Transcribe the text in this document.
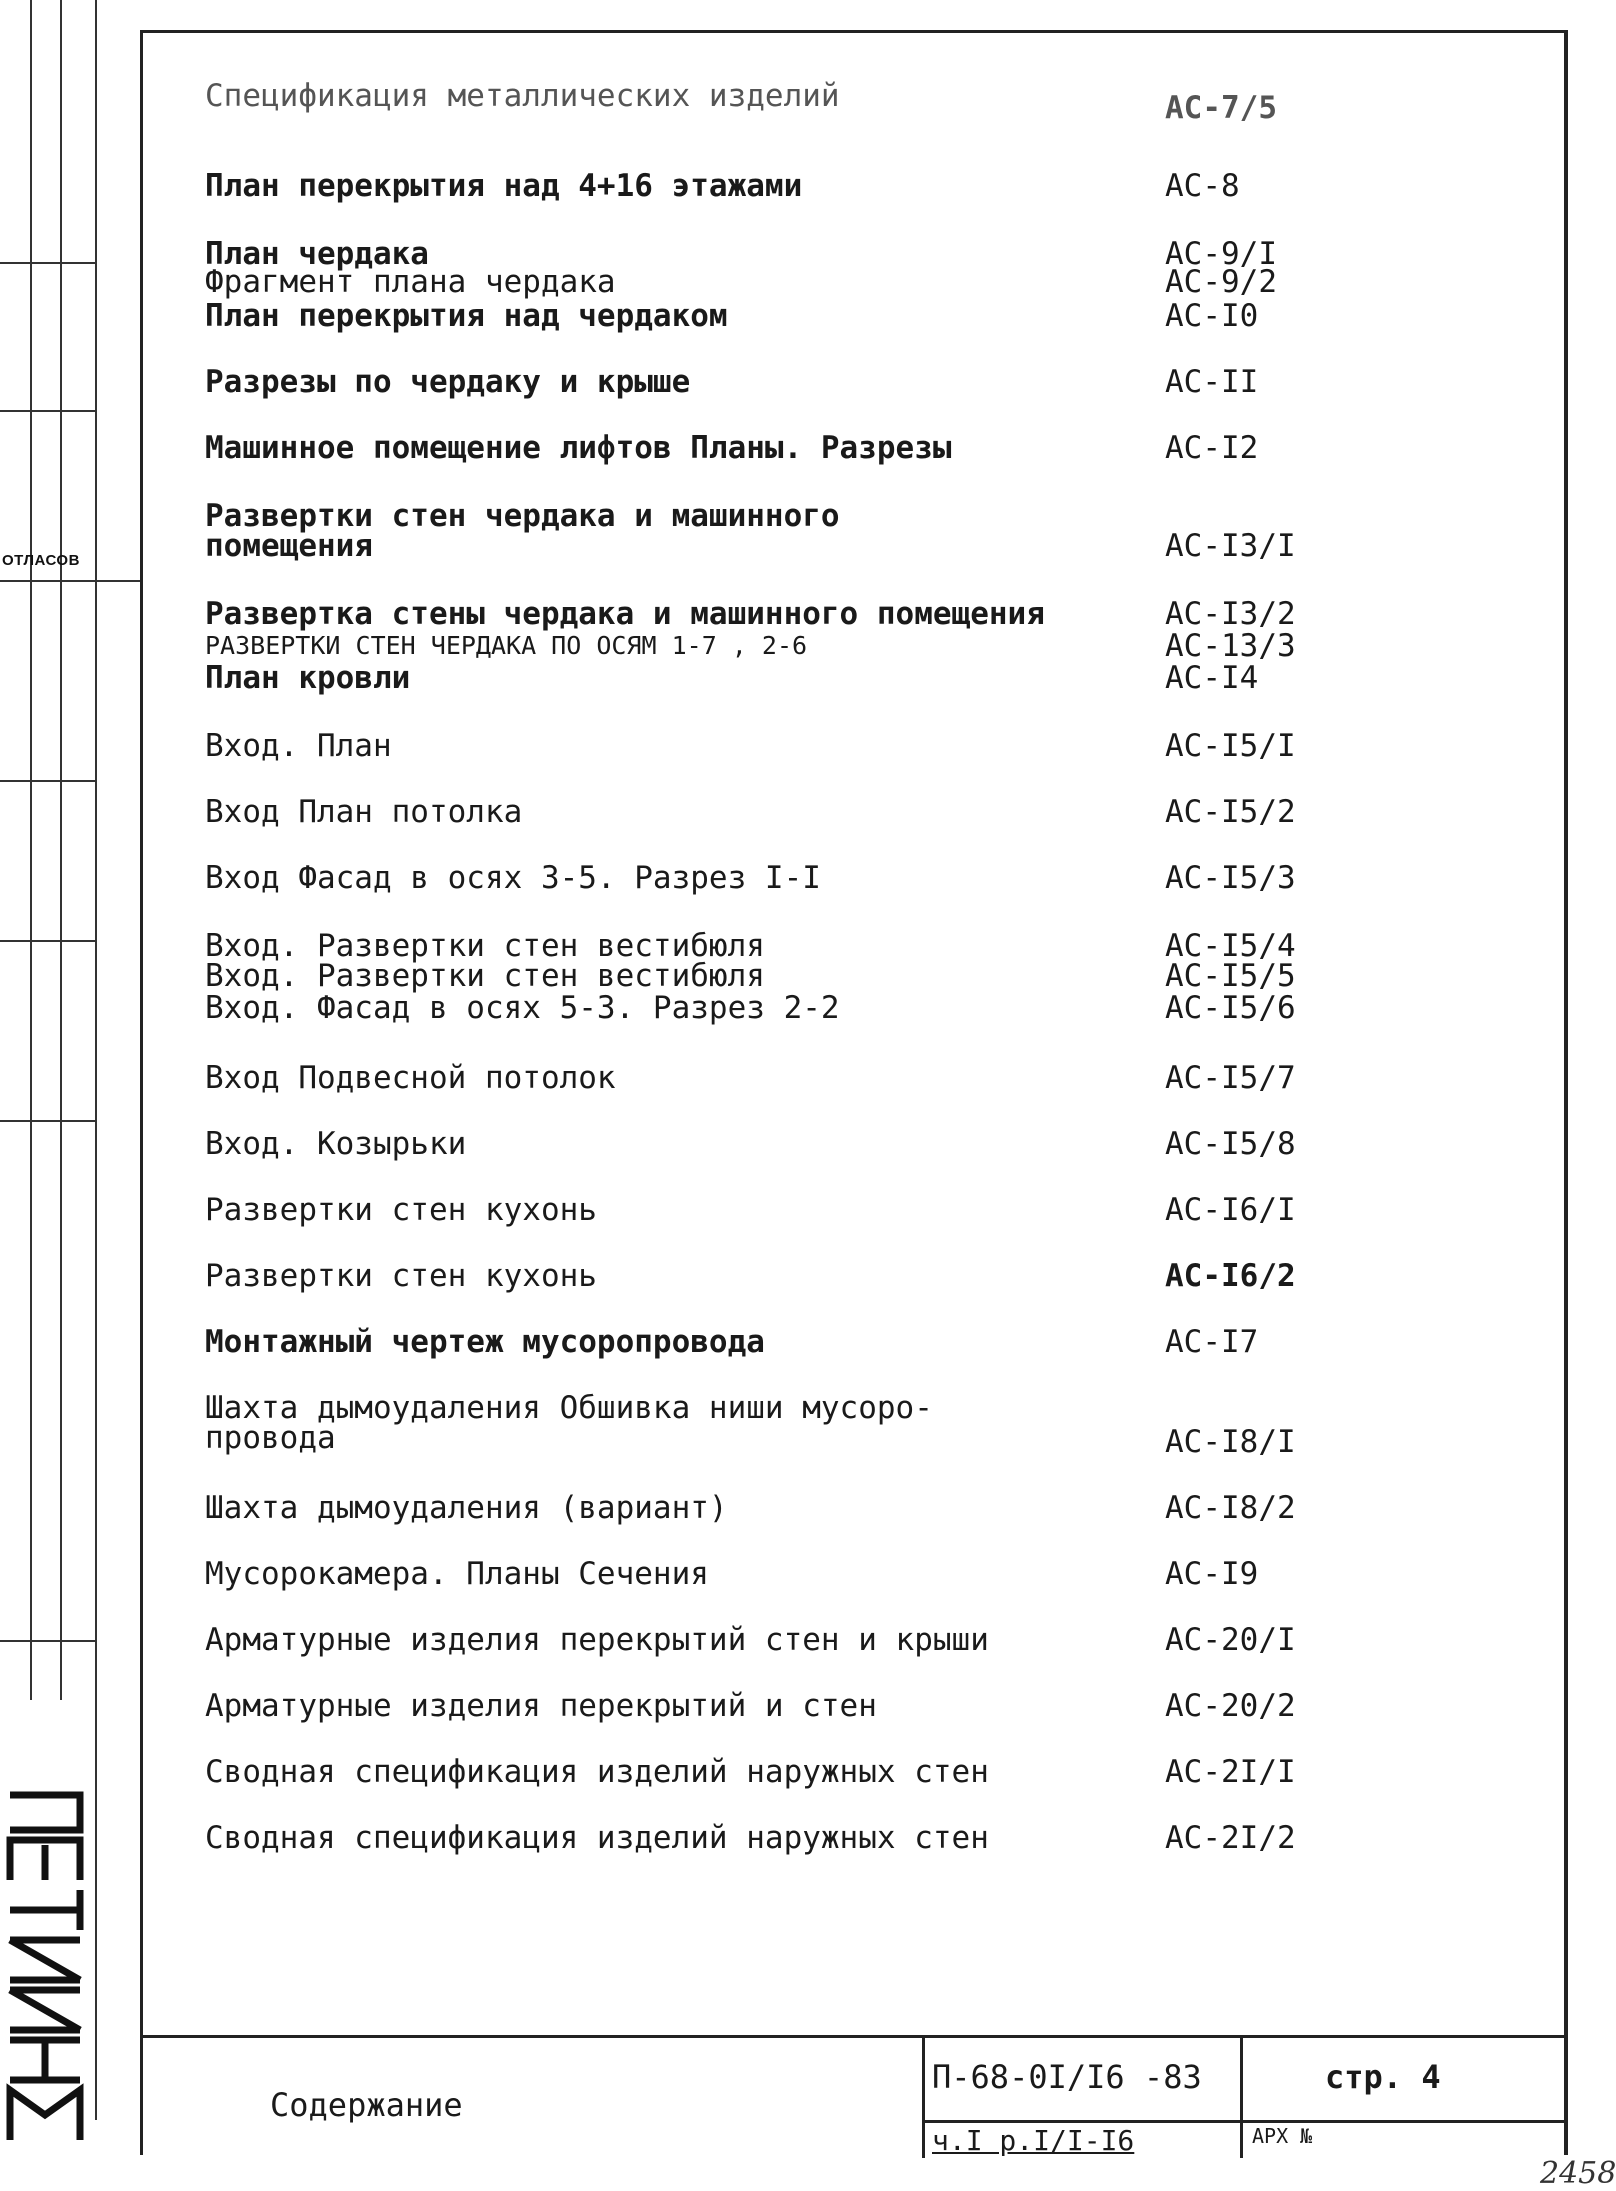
ОТЛАСОВ
Спецификация металлических изделий	АС-7/5
План перекрытия над 4+16 этажами	АС-8
План чердака	АС-9/I
Фрагмент плана чердака	АС-9/2
План перекрытия над чердаком	АС-I0
Разрезы по чердаку и крыше	АС-II
Машинное помещение лифтов Планы. Разрезы	АС-I2
Развертки стен чердака и машинного
помещения	АС-I3/I
Развертка стены чердака и машинного помещения	АС-I3/2
РАЗВЕРТКИ СТЕН ЧЕРДАКА ПО ОСЯМ 1-7 , 2-6	АС-13/3
План кровли	АС-I4
Вход. План	АС-I5/I
Вход План потолка	АС-I5/2
Вход Фасад в осях 3-5. Разрез I-I	АС-I5/3
Вход. Развертки стен вестибюля	АС-I5/4
Вход. Развертки стен вестибюля	АС-I5/5
Вход. Фасад в осях 5-3. Разрез 2-2	АС-I5/6
Вход Подвесной потолок	АС-I5/7
Вход. Козырьки	АС-I5/8
Развертки стен кухонь	АС-I6/I
Развертки стен кухонь	АС-I6/2
Монтажный чертеж мусоропровода	АС-I7
Шахта дымоудаления Обшивка ниши мусоро-
провода	АС-I8/I
Шахта дымоудаления (вариант)	АС-I8/2
Мусорокамера. Планы Сечения	АС-I9
Арматурные изделия перекрытий стен и крыши	АС-20/I
Арматурные изделия перекрытий и стен	АС-20/2
Сводная спецификация изделий наружных стен	АС-2I/I
Сводная спецификация изделий наружных стен	АС-2I/2
Содержание
П-68-0I/I6 -83	стр. 4
ч.I р.I/I-I6	АРХ №
2458
